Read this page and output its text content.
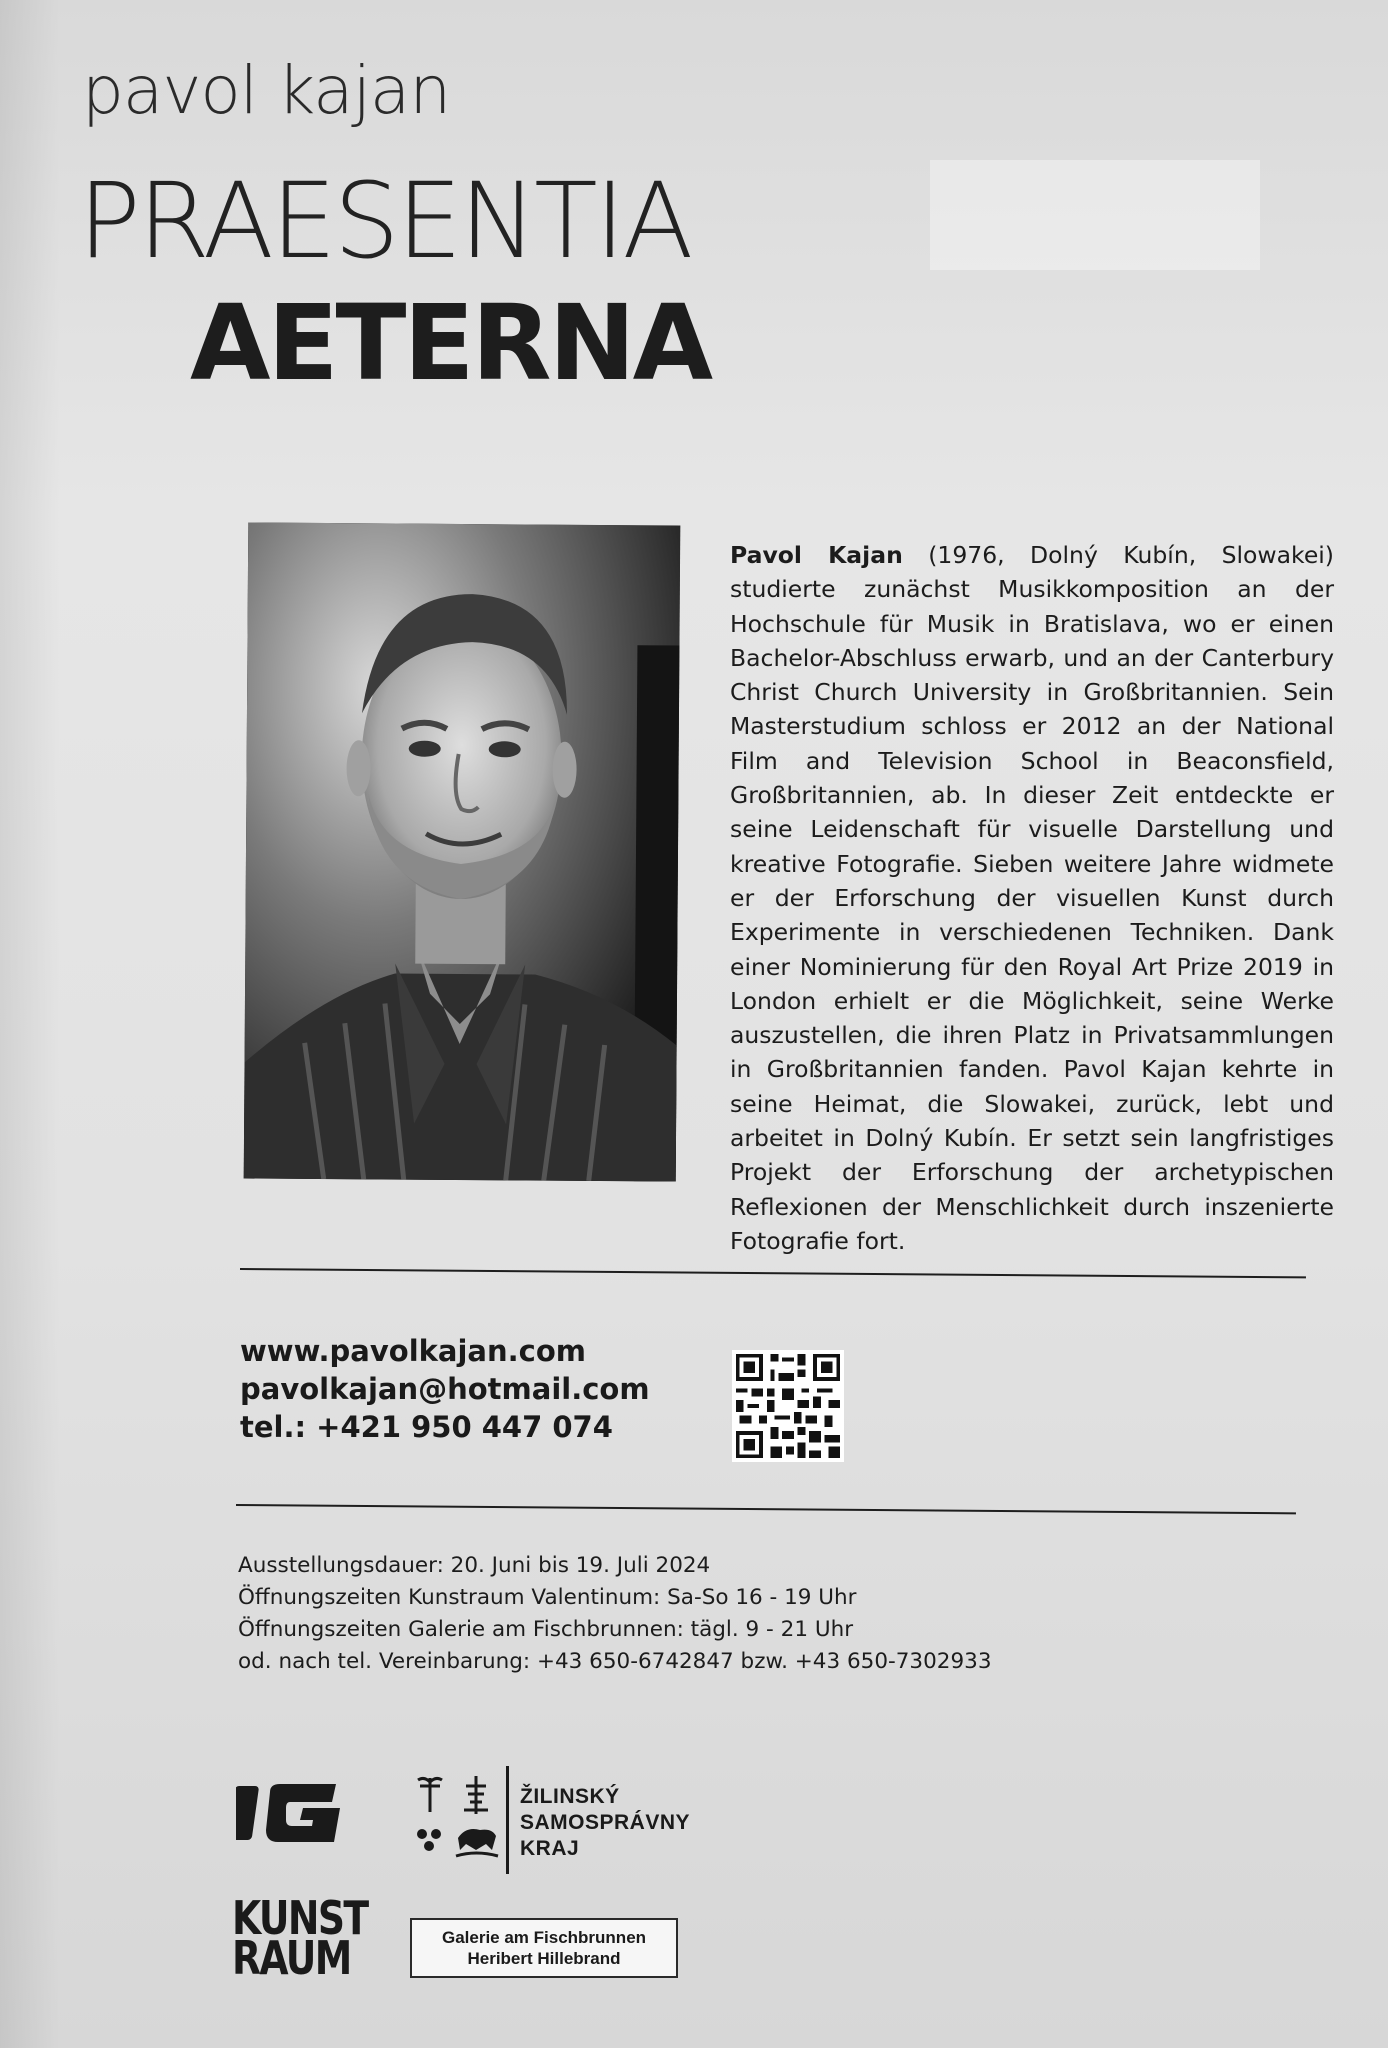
pavol kajan
PRAESENTIA
AETERNA
Pavol Kajan (1976, Dolný Kubín, Slowakei) studierte zunächst Musikkomposition an der Hochschule für Musik in Bratislava, wo er einen Bachelor-Abschluss erwarb, und an der Canterbury Christ Church University in Großbritannien. Sein Masterstudium schloss er 2012 an der National Film and Television School in Beaconsfield, Großbritannien, ab. In dieser Zeit entdeckte er seine Leidenschaft für visuelle Darstellung und kreative Fotografie. Sieben weitere Jahre widmete er der Erforschung der visuellen Kunst durch Experimente in verschiedenen Techniken. Dank einer Nominierung für den Royal Art Prize 2019 in London erhielt er die Möglichkeit, seine Werke auszustellen, die ihren Platz in Privatsammlungen in Großbritannien fanden. Pavol Kajan kehrte in seine Heimat, die Slowakei, zurück, lebt und arbeitet in Dolný Kubín. Er setzt sein langfristiges Projekt der Erforschung der archetypischen Reflexionen der Menschlichkeit durch inszenierte Fotografie fort.
www.pavolkajan.com
pavolkajan@hotmail.com
tel.: +421 950 447 074
Ausstellungsdauer: 20. Juni bis 19. Juli 2024
Öffnungszeiten Kunstraum Valentinum: Sa-So 16 - 19 Uhr
Öffnungszeiten Galerie am Fischbrunnen: tägl. 9 - 21 Uhr
od. nach tel. Vereinbarung: +43 650-6742847 bzw. +43 650-7302933
ŽILINSKÝ
SAMOSPRÁVNY
KRAJ
KUNST
RAUM	Galerie am Fischbrunnen
Heribert Hillebrand
